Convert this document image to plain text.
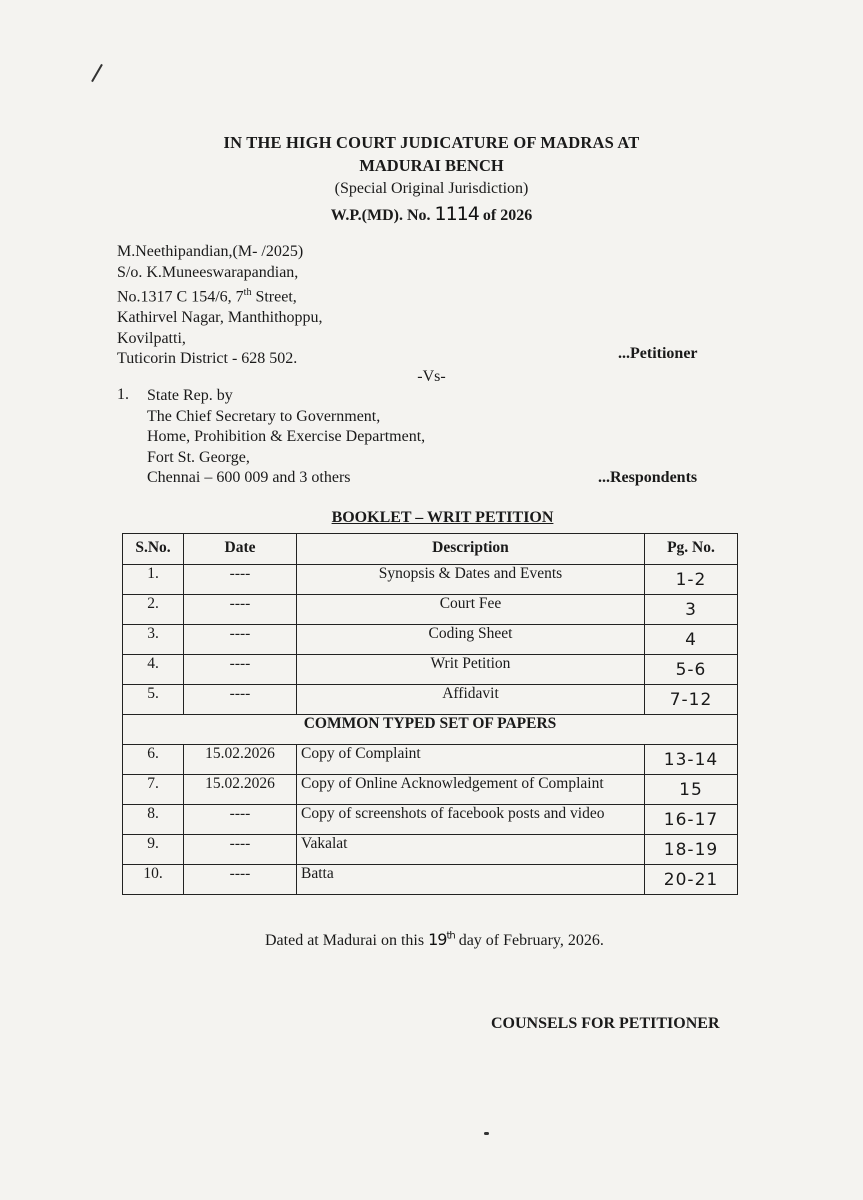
IN THE HIGH COURT JUDICATURE OF MADRAS AT
MADURAI BENCH
(Special Original Jurisdiction)
W.P.(MD). No. 1114 of 2026
M.Neethipandian,(M- /2025)
S/o. K.Muneeswarapandian,
No.1317 C 154/6, 7th Street,
Kathirvel Nagar, Manthithoppu,
Kovilpatti,
Tuticorin District - 628 502.	...Petitioner
-Vs-
1. State Rep. by
The Chief Secretary to Government,
Home, Prohibition & Exercise Department,
Fort St. George,
Chennai – 600 009 and 3 others	...Respondents
BOOKLET – WRIT PETITION
S.No.	Date	Description	Pg. No.
1.	----	Synopsis & Dates and Events	1-2
2.	----	Court Fee	3
3.	----	Coding Sheet	4
4.	----	Writ Petition	5-6
5.	----	Affidavit	7-12
COMMON TYPED SET OF PAPERS			
6.	15.02.2026	Copy of Complaint	13-14
7.	15.02.2026	Copy of Online Acknowledgement of Complaint	15
8.	----	Copy of screenshots of facebook posts and video	16-17
9.	----	Vakalat	18-19
10.	----	Batta	20-21
Dated at Madurai on this 19th day of February, 2026.
COUNSELS FOR PETITIONER
